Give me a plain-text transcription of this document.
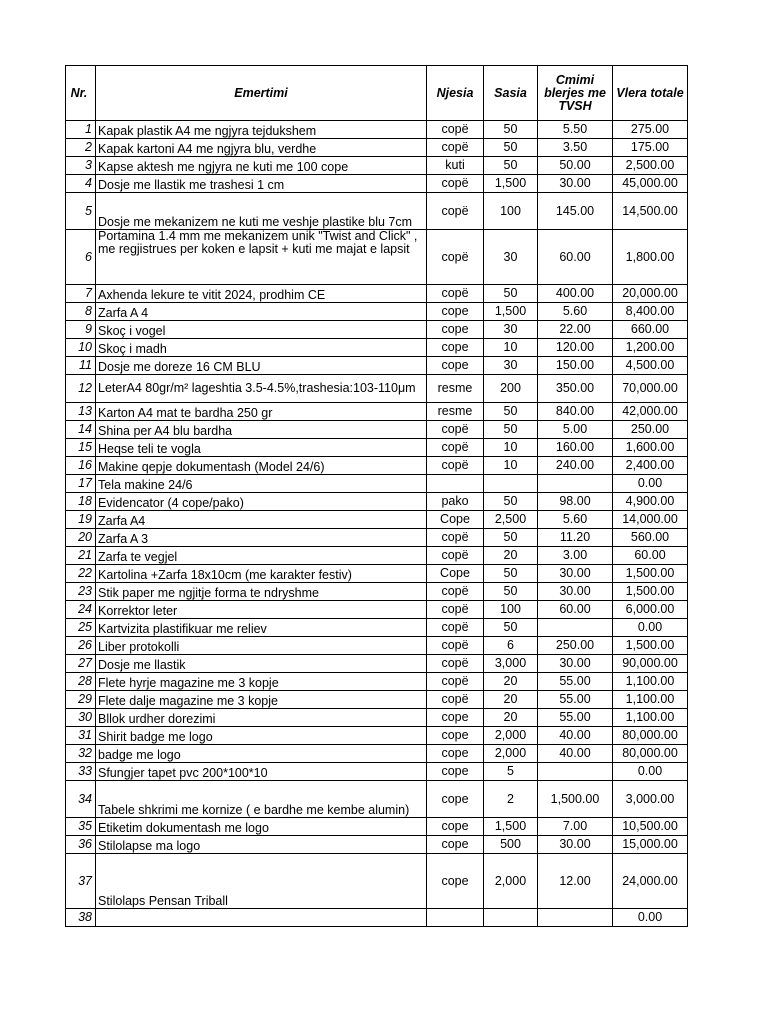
Nr.	Emertimi	Njesia	Sasia	Cmimi blerjes me TVSH	Vlera totale
1	Kapak plastik A4 me ngjyra tejdukshem	copë	50	5.50	275.00
2	Kapak kartoni A4 me ngjyra blu, verdhe	copë	50	3.50	175.00
3	Kapse aktesh me ngjyra ne kuti me 100 cope	kuti	50	50.00	2,500.00
4	Dosje me llastik me trashesi 1 cm	copë	1,500	30.00	45,000.00
5	Dosje me mekanizem ne kuti me veshje plastike blu 7cm	copë	100	145.00	14,500.00
6	Portamina 1.4 mm me mekanizem unik "Twist and Click" , me regjistrues per koken e lapsit + kuti me majat e lapsit	copë	30	60.00	1,800.00
7	Axhenda lekure te vitit 2024, prodhim CE	copë	50	400.00	20,000.00
8	Zarfa A 4	cope	1,500	5.60	8,400.00
9	Skoç i vogel	cope	30	22.00	660.00
10	Skoç i madh	cope	10	120.00	1,200.00
11	Dosje me doreze 16 CM BLU	cope	30	150.00	4,500.00
12	LeterA4 80gr/m² lageshtia 3.5-4.5%,trashesia:103-110μm	resme	200	350.00	70,000.00
13	Karton A4 mat te bardha 250 gr	resme	50	840.00	42,000.00
14	Shina per A4 blu bardha	copë	50	5.00	250.00
15	Heqse teli te vogla	copë	10	160.00	1,600.00
16	Makine qepje dokumentash (Model 24/6)	copë	10	240.00	2,400.00
17	Tela makine 24/6				0.00
18	Evidencator (4 cope/pako)	pako	50	98.00	4,900.00
19	Zarfa A4	Cope	2,500	5.60	14,000.00
20	Zarfa A 3	copë	50	11.20	560.00
21	Zarfa te vegjel	copë	20	3.00	60.00
22	Kartolina +Zarfa 18x10cm (me karakter festiv)	Cope	50	30.00	1,500.00
23	Stik paper me ngjitje forma te ndryshme	copë	50	30.00	1,500.00
24	Korrektor leter	copë	100	60.00	6,000.00
25	Kartvizita plastifikuar me reliev	copë	50		0.00
26	Liber protokolli	copë	6	250.00	1,500.00
27	Dosje me llastik	copë	3,000	30.00	90,000.00
28	Flete hyrje magazine me 3 kopje	copë	20	55.00	1,100.00
29	Flete dalje magazine me 3 kopje	copë	20	55.00	1,100.00
30	Bllok urdher dorezimi	cope	20	55.00	1,100.00
31	Shirit badge me logo	cope	2,000	40.00	80,000.00
32	badge me logo	cope	2,000	40.00	80,000.00
33	Sfungjer tapet pvc 200*100*10	cope	5		0.00
34	Tabele shkrimi me kornize ( e bardhe me kembe alumin)	cope	2	1,500.00	3,000.00
35	Etiketim dokumentash me logo	cope	1,500	7.00	10,500.00
36	Stilolapse ma logo	cope	500	30.00	15,000.00
37	Stilolaps Pensan Triball	cope	2,000	12.00	24,000.00
38					0.00
